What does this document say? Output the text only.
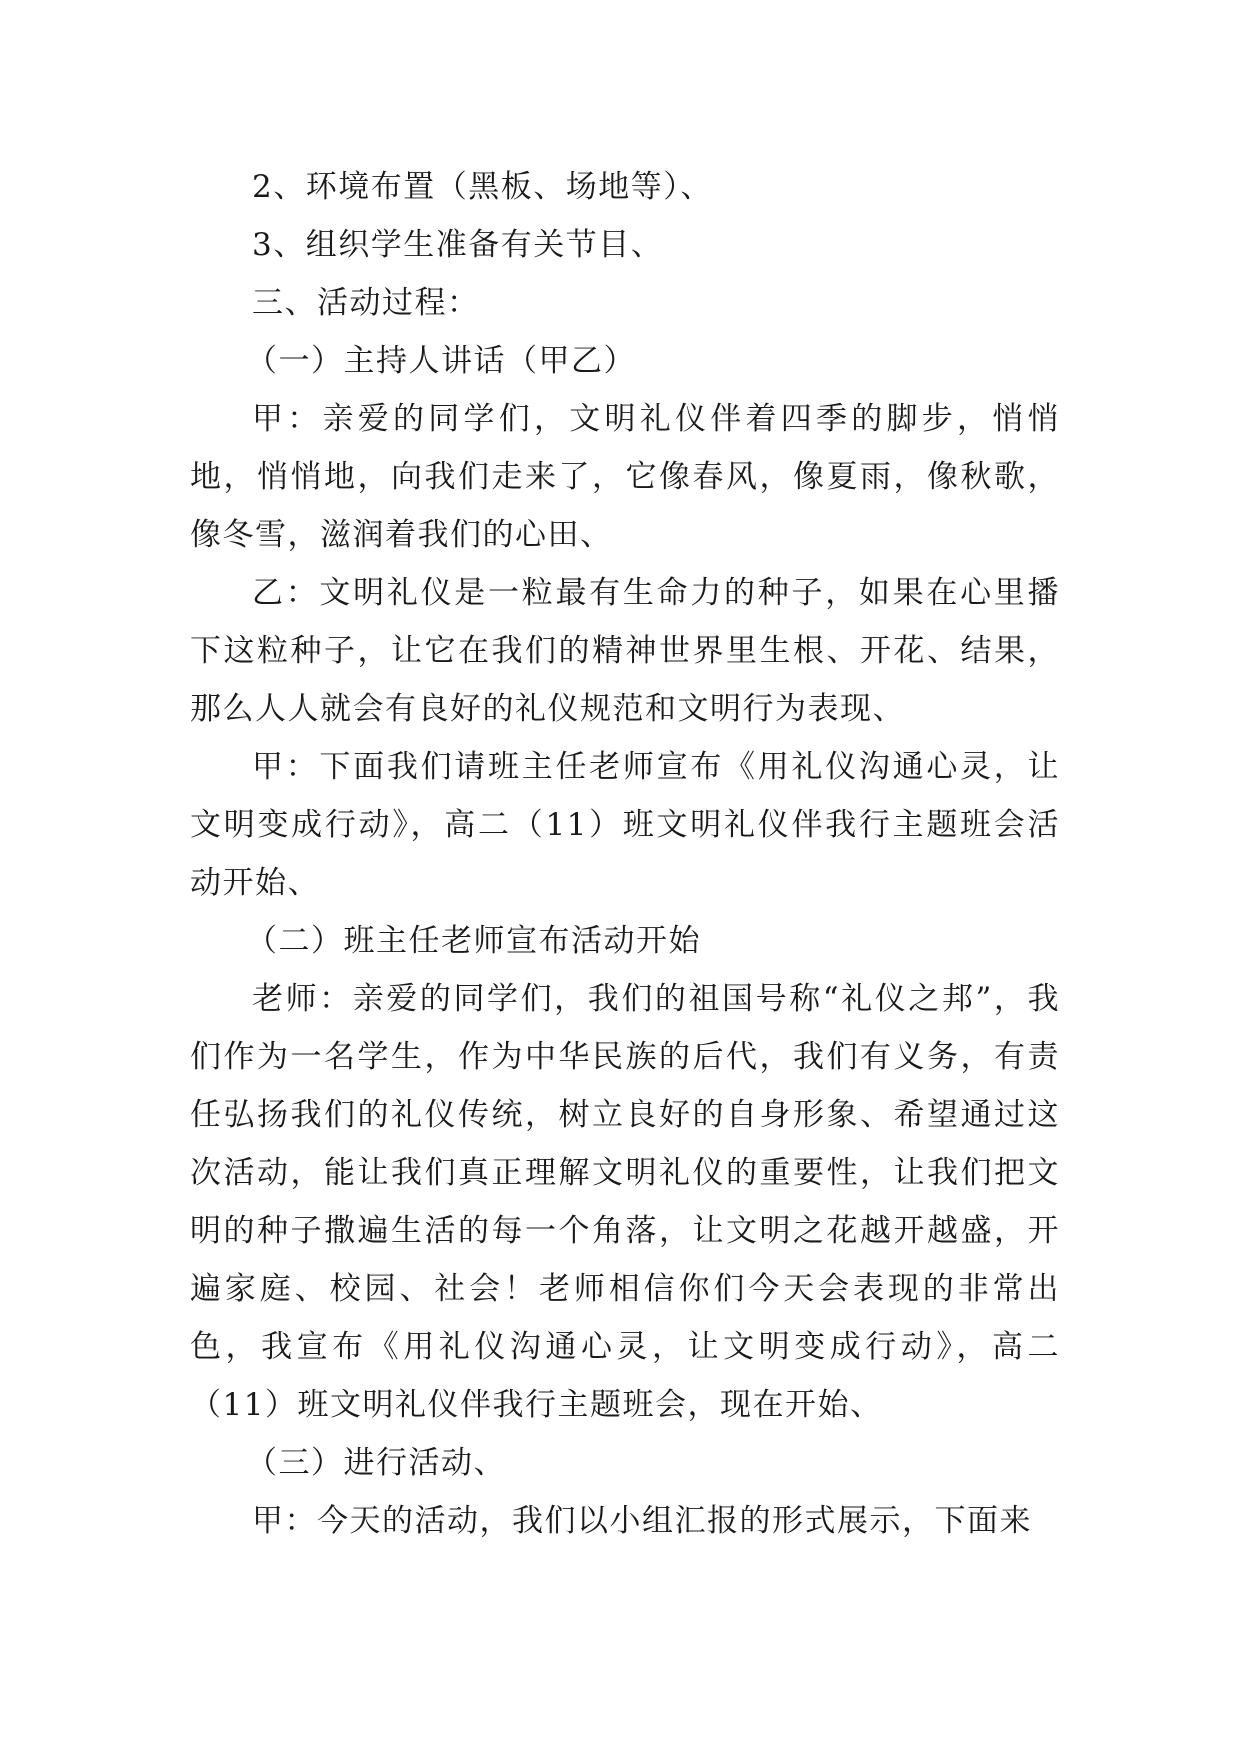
2、环境布置（黑板、场地等）、

3、组织学生准备有关节目、

三、活动过程：

（一）主持人讲话（甲乙）

甲：亲爱的同学们，文明礼仪伴着四季的脚步，悄悄地，悄悄地，向我们走来了，它像春风，像夏雨，像秋歌，像冬雪，滋润着我们的心田、

乙：文明礼仪是一粒最有生命力的种子，如果在心里播下这粒种子，让它在我们的精神世界里生根、开花、结果，那么人人就会有良好的礼仪规范和文明行为表现、

甲：下面我们请班主任老师宣布《用礼仪沟通心灵，让文明变成行动》，高二（11）班文明礼仪伴我行主题班会活动开始、

（二）班主任老师宣布活动开始

老师：亲爱的同学们，我们的祖国号称“礼仪之邦”，我们作为一名学生，作为中华民族的后代，我们有义务，有责任弘扬我们的礼仪传统，树立良好的自身形象、希望通过这次活动，能让我们真正理解文明礼仪的重要性，让我们把文明的种子撒遍生活的每一个角落，让文明之花越开越盛，开遍家庭、校园、社会！老师相信你们今天会表现的非常出色，我宣布《用礼仪沟通心灵，让文明变成行动》，高二（11）班文明礼仪伴我行主题班会，现在开始、

（三）进行活动、

甲：今天的活动，我们以小组汇报的形式展示，下面来
